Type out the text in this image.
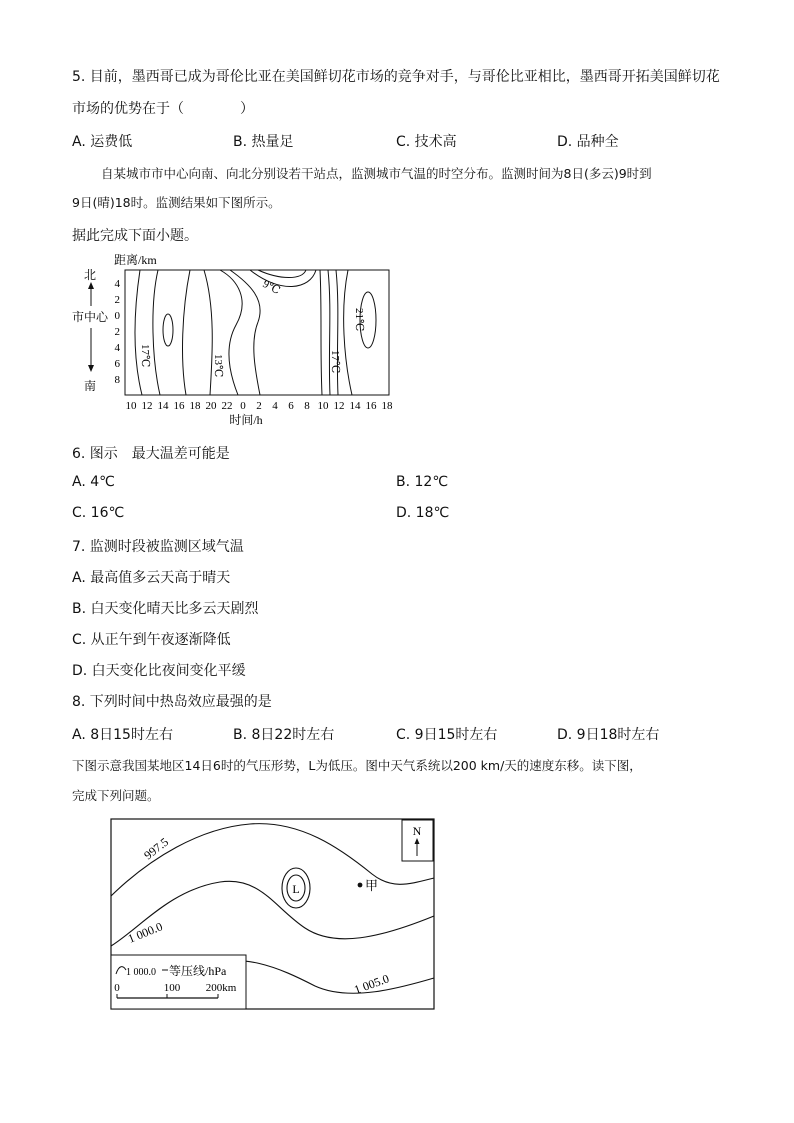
5. 目前，墨西哥已成为哥伦比亚在美国鲜切花市场的竞争对手，与哥伦比亚相比，墨西哥开拓美国鲜切花
市场的优势在于（　　　　）
A. 运费低	B. 热量足	C. 技术高	D. 品种全
自某城市市中心向南、向北分别设若干站点，监测城市气温的时空分布。监测时间为8日(多云)9时到
9日(晴)18时。监测结果如下图所示。
据此完成下面小题。
距离/km
北
市中心
南
4
2
0
2
4
6
8
9℃
17℃	13℃	17℃
21℃
10 12 14 16 18 20 22 0 2 4 6 8 10 12 14 16 18
时间/h
6. 图示　最大温差可能是
A. 4℃	B. 12℃
C. 16℃	D. 18℃
7. 监测时段被监测区域气温
A. 最高值多云天高于晴天
B. 白天变化晴天比多云天剧烈
C. 从正午到午夜逐渐降低
D. 白天变化比夜间变化平缓
8. 下列时间中热岛效应最强的是
A. 8日15时左右	B. 8日22时左右	C. 9日15时左右	D. 9日18时左右
下图示意我国某地区14日6时的气压形势，L为低压。图中天气系统以200 km/天的速度东移。读下图，
完成下列问题。
N
L	甲
997.5
1 000.0
1 005.0
1 000.0 等压线/hPa
0	100 200km
